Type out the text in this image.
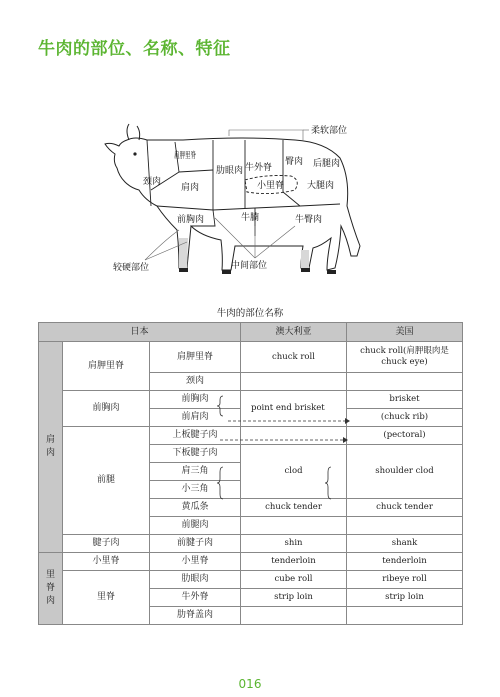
牛肉的部位、名称、特征
肩胛里脊
颈肉
肩肉
肋眼肉 牛外脊
小里脊
臀肉 后腿肉
大腿肉
前胸肉	牛腩	牛臀肉
柔软部位
较硬部位	中间部位
牛肉的部位名称
日本			澳大利亚	美国
肩肉	肩胛里脊	肩胛里脊	chuck roll	chuck roll(肩胛眼肉是chuck eye)
		颈肉		
	前胸肉	前胸肉	point end brisket	brisket
		前肩肉		(chuck rib)
	前腿	上板腱子肉		(pectoral)
		下板腱子肉	clod	shoulder clod
		肩三角		
		小三角		
		黄瓜条	chuck tender	chuck tender
		前腿肉		
	腱子肉	前腱子肉	shin	shank
里脊肉	小里脊	小里脊	tenderloin	tenderloin
	里脊	肋眼肉	cube roll	ribeye roll
		牛外脊	strip loin	strip loin
		肋脊盖肉		
016
